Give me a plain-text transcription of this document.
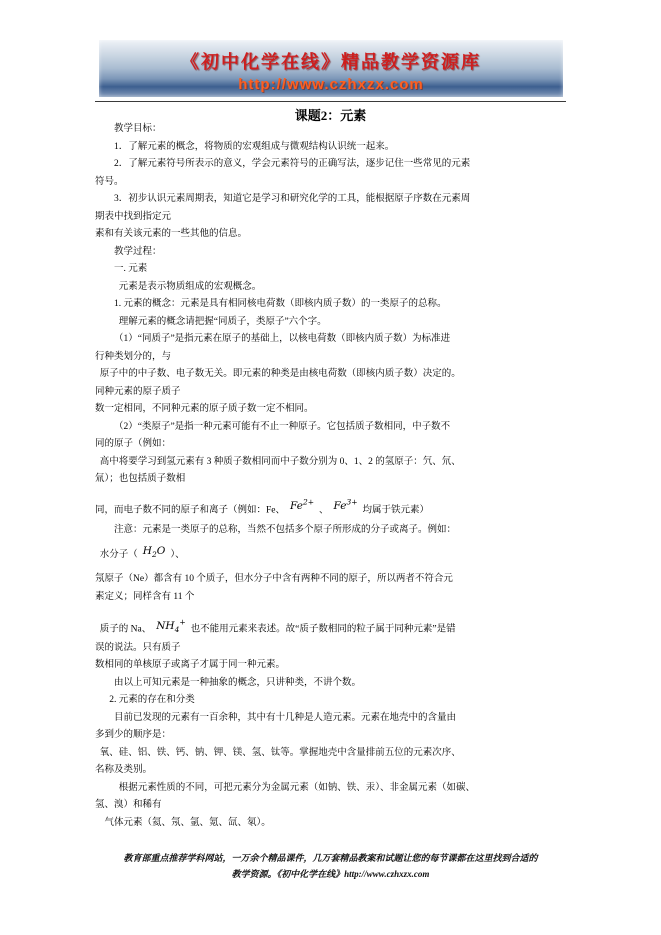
《初中化学在线》精品教学资源库
http://www.czhxzx.com
课题2：元素
教学目标：
1．了解元素的概念，将物质的宏观组成与微观结构认识统一起来。
2．了解元素符号所表示的意义，学会元素符号的正确写法，逐步记住一些常见的元素
符号。
3．初步认识元素周期表，知道它是学习和研究化学的工具，能根据原子序数在元素周
期表中找到指定元
素和有关该元素的一些其他的信息。
教学过程：
一. 元素
元素是表示物质组成的宏观概念。
1. 元素的概念：元素是具有相同核电荷数（即核内质子数）的一类原子的总称。
理解元素的概念请把握“同质子，类原子”六个字。
（1）“同质子”是指元素在原子的基础上，以核电荷数（即核内质子数）为标准进
行种类划分的，与
原子中的中子数、电子数无关。即元素的种类是由核电荷数（即核内质子数）决定的。
同种元素的原子质子
数一定相同，不同种元素的原子质子数一定不相同。
（2）“类原子”是指一种元素可能有不止一种原子。它包括质子数相同，中子数不
同的原子（例如：
高中将要学习到氢元素有 3 种质子数相同而中子数分别为 0、1、2 的氢原子：氕、氘、
氚）；也包括质子数相
同，而电子数不同的原子和离子（例如：Fe、 $Fe^{2+}$、 $Fe^{3+}$均属于铁元素）
注意：元素是一类原子的总称，当然不包括多个原子所形成的分子或离子。例如：
水分子（ $H_2O$ ）、
氖原子（Ne）都含有 10 个质子，但水分子中含有两种不同的原子，所以两者不符合元
素定义；同样含有 11 个
质子的 Na、 $NH_4^+$也不能用元素来表述。故“质子数相同的粒子属于同种元素”是错
误的说法。只有质子
数相同的单核原子或离子才属于同一种元素。
由以上可知元素是一种抽象的概念，只讲种类，不讲个数。
2. 元素的存在和分类
目前已发现的元素有一百余种，其中有十几种是人造元素。元素在地壳中的含量由
多到少的顺序是：
氧、硅、铝、铁、钙、钠、钾、镁、氢、钛等。掌握地壳中含量排前五位的元素次序、
名称及类别。
根据元素性质的不同，可把元素分为金属元素（如钠、铁、汞）、非金属元素（如碳、
氢、溴）和稀有
气体元素（氦、氖、氩、氪、氙、氡）。
教育部重点推荐学科网站，一万余个精品课件，几万套精品教案和试题让您的每节课都在这里找到合适的
教学资源。《初中化学在线》http://www.czhxzx.com
